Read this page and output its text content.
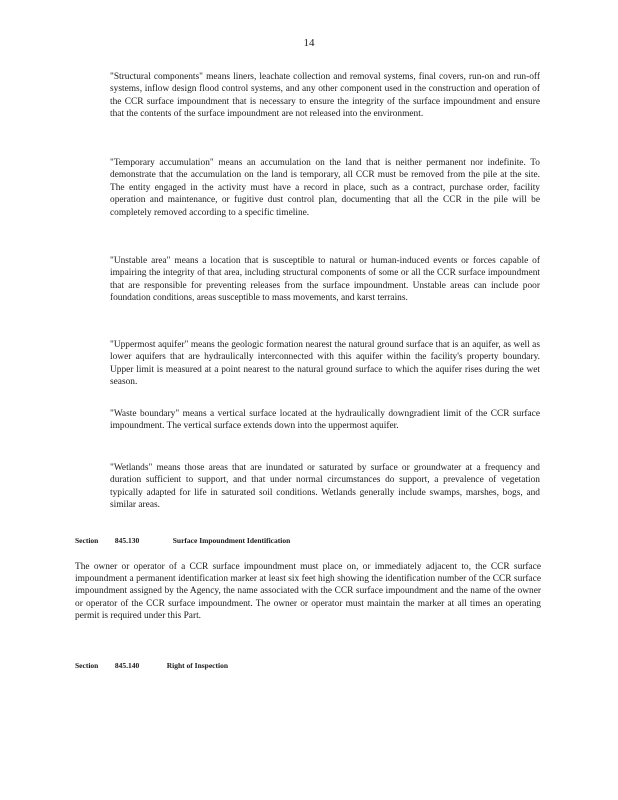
14

"Structural components" means liners, leachate collection and removal systems, final covers, run-on and run-off systems, inflow design flood control systems, and any other component used in the construction and operation of the CCR surface impoundment that is necessary to ensure the integrity of the surface impoundment and ensure that the contents of the surface impoundment are not released into the environment.

"Temporary accumulation" means an accumulation on the land that is neither permanent nor indefinite. To demonstrate that the accumulation on the land is temporary, all CCR must be removed from the pile at the site. The entity engaged in the activity must have a record in place, such as a contract, purchase order, facility operation and maintenance, or fugitive dust control plan, documenting that all the CCR in the pile will be completely removed according to a specific timeline.

"Unstable area" means a location that is susceptible to natural or human-induced events or forces capable of impairing the integrity of that area, including structural components of some or all the CCR surface impoundment that are responsible for preventing releases from the surface impoundment. Unstable areas can include poor foundation conditions, areas susceptible to mass movements, and karst terrains.

"Uppermost aquifer" means the geologic formation nearest the natural ground surface that is an aquifer, as well as lower aquifers that are hydraulically interconnected with this aquifer within the facility's property boundary. Upper limit is measured at a point nearest to the natural ground surface to which the aquifer rises during the wet season.

"Waste boundary" means a vertical surface located at the hydraulically downgradient limit of the CCR surface impoundment. The vertical surface extends down into the uppermost aquifer.

"Wetlands" means those areas that are inundated or saturated by surface or groundwater at a frequency and duration sufficient to support, and that under normal circumstances do support, a prevalence of vegetation typically adapted for life in saturated soil conditions. Wetlands generally include swamps, marshes, bogs, and similar areas.

Section 845.130	Surface Impoundment Identification

The owner or operator of a CCR surface impoundment must place on, or immediately adjacent to, the CCR surface impoundment a permanent identification marker at least six feet high showing the identification number of the CCR surface impoundment assigned by the Agency, the name associated with the CCR surface impoundment and the name of the owner or operator of the CCR surface impoundment. The owner or operator must maintain the marker at all times an operating permit is required under this Part.

Section 845.140	Right of Inspection
